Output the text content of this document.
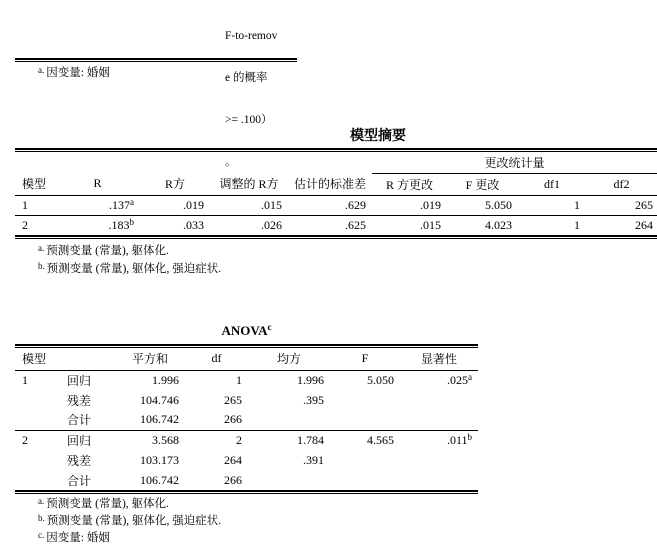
F-to-remov

e 的概率

>= .100）

。

$^{a.}$ 因变量: 婚姻
模型摘要
					更改统计量			
模型	R	R方	调整的 R方	估计的标准差	R 方更改	F 更改	df1	df2
1	.137$^a$	.019	.015	.629	.019	5.050	1	265
2	.183$^b$	.033	.026	.625	.015	4.023	1	264
$^{a.}$ 预测变量 (常量), 躯体化.
$^{b.}$ 预测变量 (常量), 躯体化, 强迫症状.
ANOVA$^c$
模型		平方和	df	均方	F	显著性
1	回归	1.996	1	1.996	5.050	.025$^a$
	残差	104.746	265	.395		
	合计	106.742	266			
2	回归	3.568	2	1.784	4.565	.011$^b$
	残差	103.173	264	.391		
	合计	106.742	266			
$^{a.}$ 预测变量 (常量), 躯体化.
$^{b.}$ 预测变量 (常量), 躯体化, 强迫症状.
$^{c.}$ 因变量: 婚姻
